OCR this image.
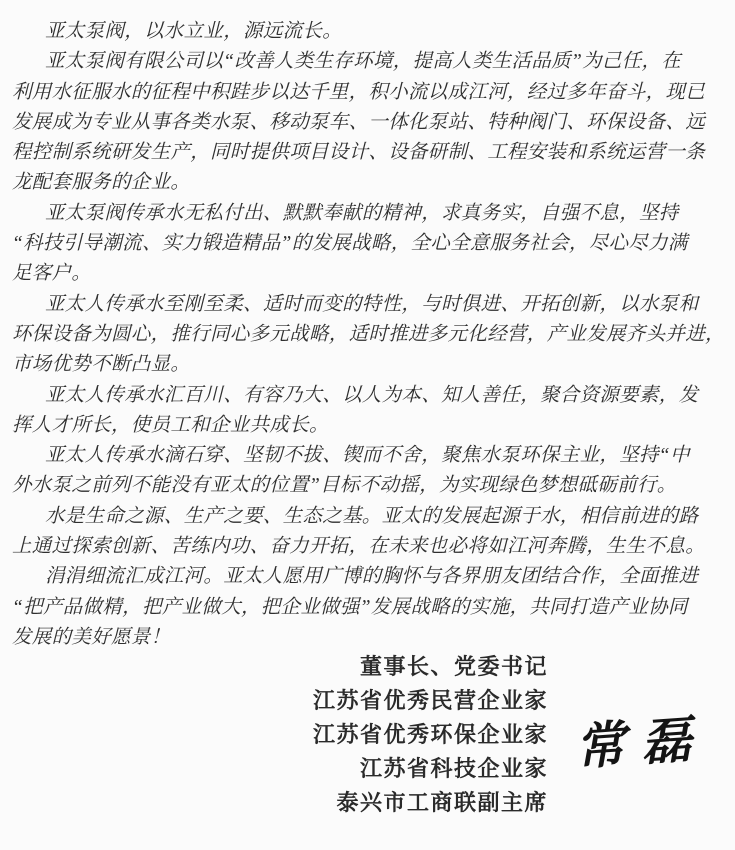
亚太泵阀，以水立业，源远流长。
亚太泵阀有限公司以“改善人类生存环境，提高人类生活品质”为己任，在
利用水征服水的征程中积跬步以达千里，积小流以成江河，经过多年奋斗，现已
发展成为专业从事各类水泵、移动泵车、一体化泵站、特种阀门、环保设备、远
程控制系统研发生产，同时提供项目设计、设备研制、工程安装和系统运营一条
龙配套服务的企业。
亚太泵阀传承水无私付出、默默奉献的精神，求真务实，自强不息，坚持
“科技引导潮流、实力锻造精品”的发展战略，全心全意服务社会，尽心尽力满
足客户。
亚太人传承水至刚至柔、适时而变的特性，与时俱进、开拓创新，以水泵和
环保设备为圆心，推行同心多元战略，适时推进多元化经营，产业发展齐头并进，
市场优势不断凸显。
亚太人传承水汇百川、有容乃大、以人为本、知人善任，聚合资源要素，发
挥人才所长，使员工和企业共成长。
亚太人传承水滴石穿、坚韧不拔、锲而不舍，聚焦水泵环保主业，坚持“中
外水泵之前列不能没有亚太的位置”目标不动摇，为实现绿色梦想砥砺前行。
水是生命之源、生产之要、生态之基。亚太的发展起源于水，相信前进的路
上通过探索创新、苦练内功、奋力开拓，在未来也必将如江河奔腾，生生不息。
涓涓细流汇成江河。亚太人愿用广博的胸怀与各界朋友团结合作，全面推进
“把产品做精，把产业做大，把企业做强”发展战略的实施，共同打造产业协同
发展的美好愿景！
董事长、党委书记
江苏省优秀民营企业家
江苏省优秀环保企业家
江苏省科技企业家
泰兴市工商联副主席
常磊
